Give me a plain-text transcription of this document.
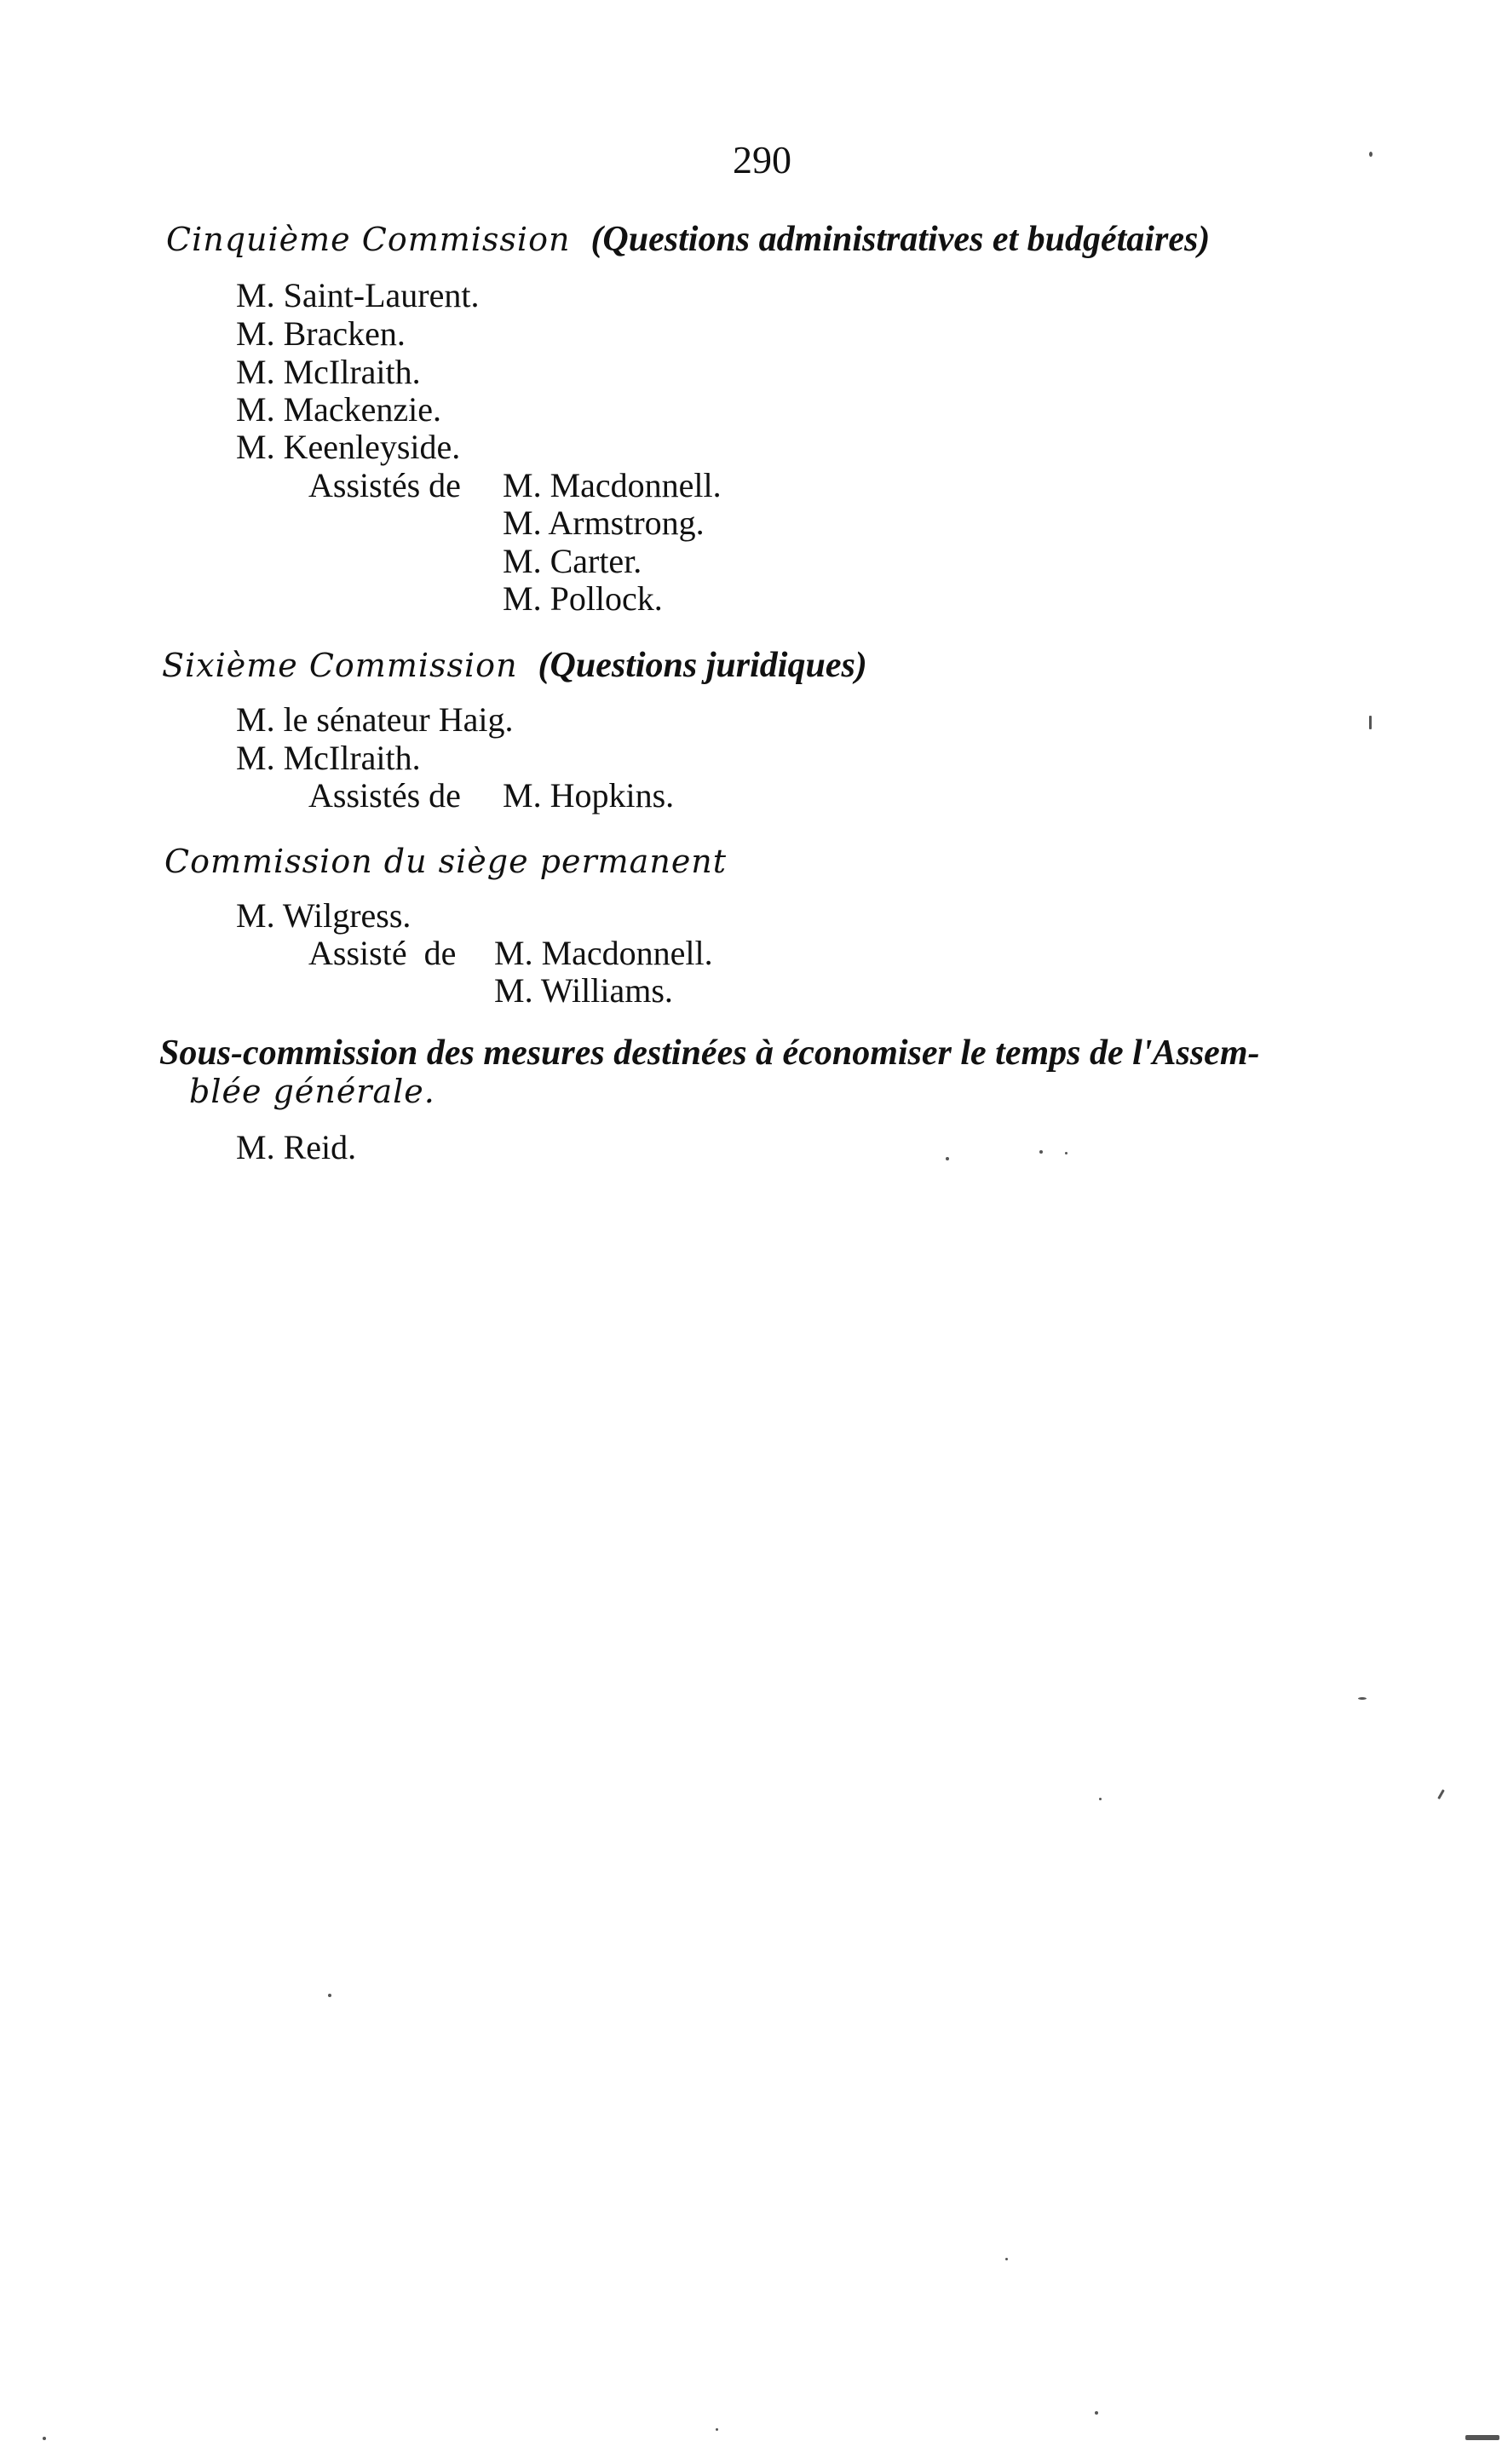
290
Cinquième Commission (Questions administratives et budgétaires)
M. Saint-Laurent.
M. Bracken.
M. McIlraith.
M. Mackenzie.
M. Keenleyside.
Assistés de M. Macdonnell.
M. Armstrong.
M. Carter.
M. Pollock.
Sixième Commission (Questions juridiques)
M. le sénateur Haig.
M. McIlraith.
Assistés de M. Hopkins.
Commission du siège permanent
M. Wilgress.
Assisté  de M. Macdonnell.
M. Williams.
Sous-commission des mesures destinées à économiser le temps de l'Assem-
blée générale.
M. Reid.
